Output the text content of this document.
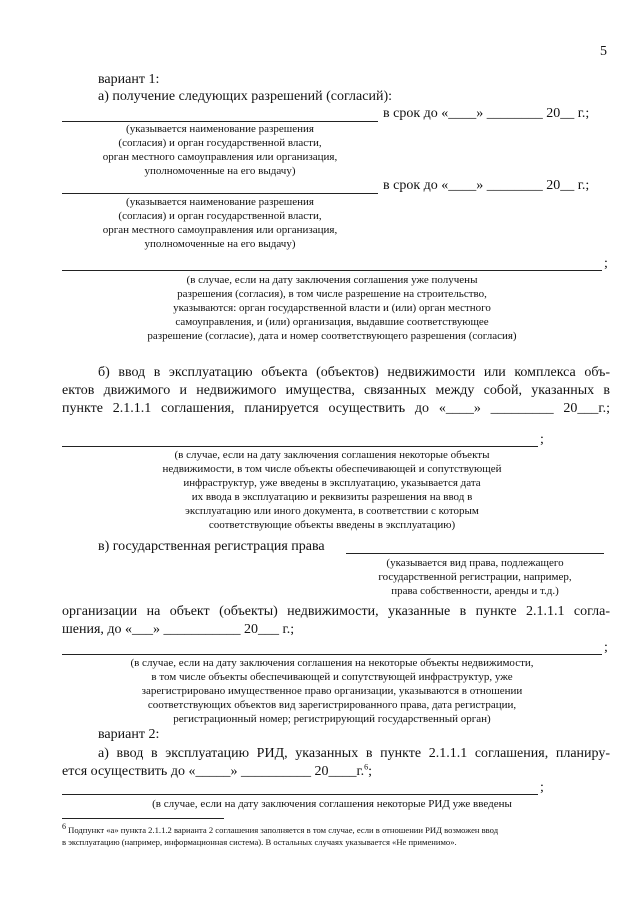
5
вариант 1:
а) получение следующих разрешений (согласий):
в срок до «____» ________ 20__ г.;
(указывается наименование разрешения
(согласия) и орган государственной власти,
орган местного самоуправления или организация,
уполномоченные на его выдачу)
в срок до «____» ________ 20__ г.;
(указывается наименование разрешения
(согласия) и орган государственной власти,
орган местного самоуправления или организация,
уполномоченные на его выдачу)
;
(в случае, если на дату заключения соглашения уже получены
разрешения (согласия), в том числе разрешение на строительство,
указываются: орган государственной власти и (или) орган местного
самоуправления, и (или) организация, выдавшие соответствующее
разрешение (согласие), дата и номер соответствующего разрешения (согласия)
б) ввод в эксплуатацию объекта (объектов) недвижимости или комплекса объ-
ектов движимого и недвижимого имущества, связанных между собой, указанных в
пункте 2.1.1.1 соглашения, планируется осуществить до «____» _________ 20___г.;
;
(в случае, если на дату заключения соглашения некоторые объекты
недвижимости, в том числе объекты обеспечивающей и сопутствующей
инфраструктур, уже введены в эксплуатацию, указывается дата
их ввода в эксплуатацию и реквизиты разрешения на ввод в
эксплуатацию или иного документа, в соответствии с которым
соответствующие объекты введены в эксплуатацию)
в) государственная регистрация права
(указывается вид права, подлежащего
государственной регистрации, например,
права собственности, аренды и т.д.)
организации на объект (объекты) недвижимости, указанные в пункте 2.1.1.1 согла-
шения, до «___» ___________ 20___ г.;
;
(в случае, если на дату заключения соглашения на некоторые объекты недвижимости,
в том числе объекты обеспечивающей и сопутствующей инфраструктур, уже
зарегистрировано имущественное право организации, указываются в отношении
соответствующих объектов вид зарегистрированного права, дата регистрации,
регистрационный номер; регистрирующий государственный орган)
вариант 2:
а) ввод в эксплуатацию РИД, указанных в пункте 2.1.1.1 соглашения, планиру-
ется осуществить до «_____» __________ 20____г.$^6$;
;
(в случае, если на дату заключения соглашения некоторые РИД уже введены
$^6$ Подпункт «а» пункта 2.1.1.2 варианта 2 соглашения заполняется в том случае, если в отношении РИД возможен ввод
в эксплуатацию (например, информационная система). В остальных случаях указывается «Не применимо».
